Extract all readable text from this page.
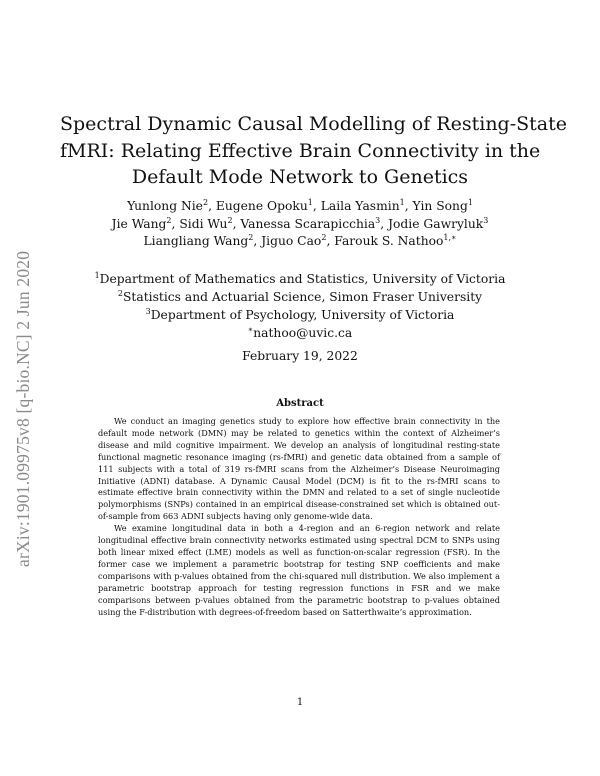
arXiv:1901.09975v8 [q-bio.NC] 2 Jun 2020
Spectral Dynamic Causal Modelling of Resting-State
fMRI: Relating Effective Brain Connectivity in the
Default Mode Network to Genetics
Yunlong Nie$^2$, Eugene Opoku$^1$, Laila Yasmin$^1$, Yin Song$^1$
Jie Wang$^2$, Sidi Wu$^2$, Vanessa Scarapicchia$^3$, Jodie Gawryluk$^3$
Liangliang Wang$^2$, Jiguo Cao$^2$, Farouk S. Nathoo$^{1,∗}$
$^1$Department of Mathematics and Statistics, University of Victoria
$^2$Statistics and Actuarial Science, Simon Fraser University
$^3$Department of Psychology, University of Victoria
∗nathoo@uvic.ca
February 19, 2022
Abstract

We conduct an imaging genetics study to explore how effective brain connectivity in the default mode network (DMN) may be related to genetics within the context of Alzheimer’s disease and mild cognitive impairment. We develop an analysis of longitudinal resting-state functional magnetic resonance imaging (rs-fMRI) and genetic data obtained from a sample of 111 subjects with a total of 319 rs-fMRI scans from the Alzheimer’s Disease Neuroimaging Initiative (ADNI) database. A Dynamic Causal Model (DCM) is fit to the rs-fMRI scans to estimate effective brain connectivity within the DMN and related to a set of single nucleotide polymorphisms (SNPs) contained in an empirical disease-constrained set which is obtained out-of-sample from 663 ADNI subjects having only genome-wide data.

We examine longitudinal data in both a 4-region and an 6-region network and relate longitudinal effective brain connectivity networks estimated using spectral DCM to SNPs using both linear mixed effect (LME) models as well as function-on-scalar regression (FSR). In the former case we implement a parametric bootstrap for testing SNP coefficients and make comparisons with p-values obtained from the chi-squared null distribution. We also implement a parametric bootstrap approach for testing regression functions in FSR and we make comparisons between p-values obtained from the parametric bootstrap to p-values obtained using the F-distribution with degrees-of-freedom based on Satterthwaite’s approximation.

1
